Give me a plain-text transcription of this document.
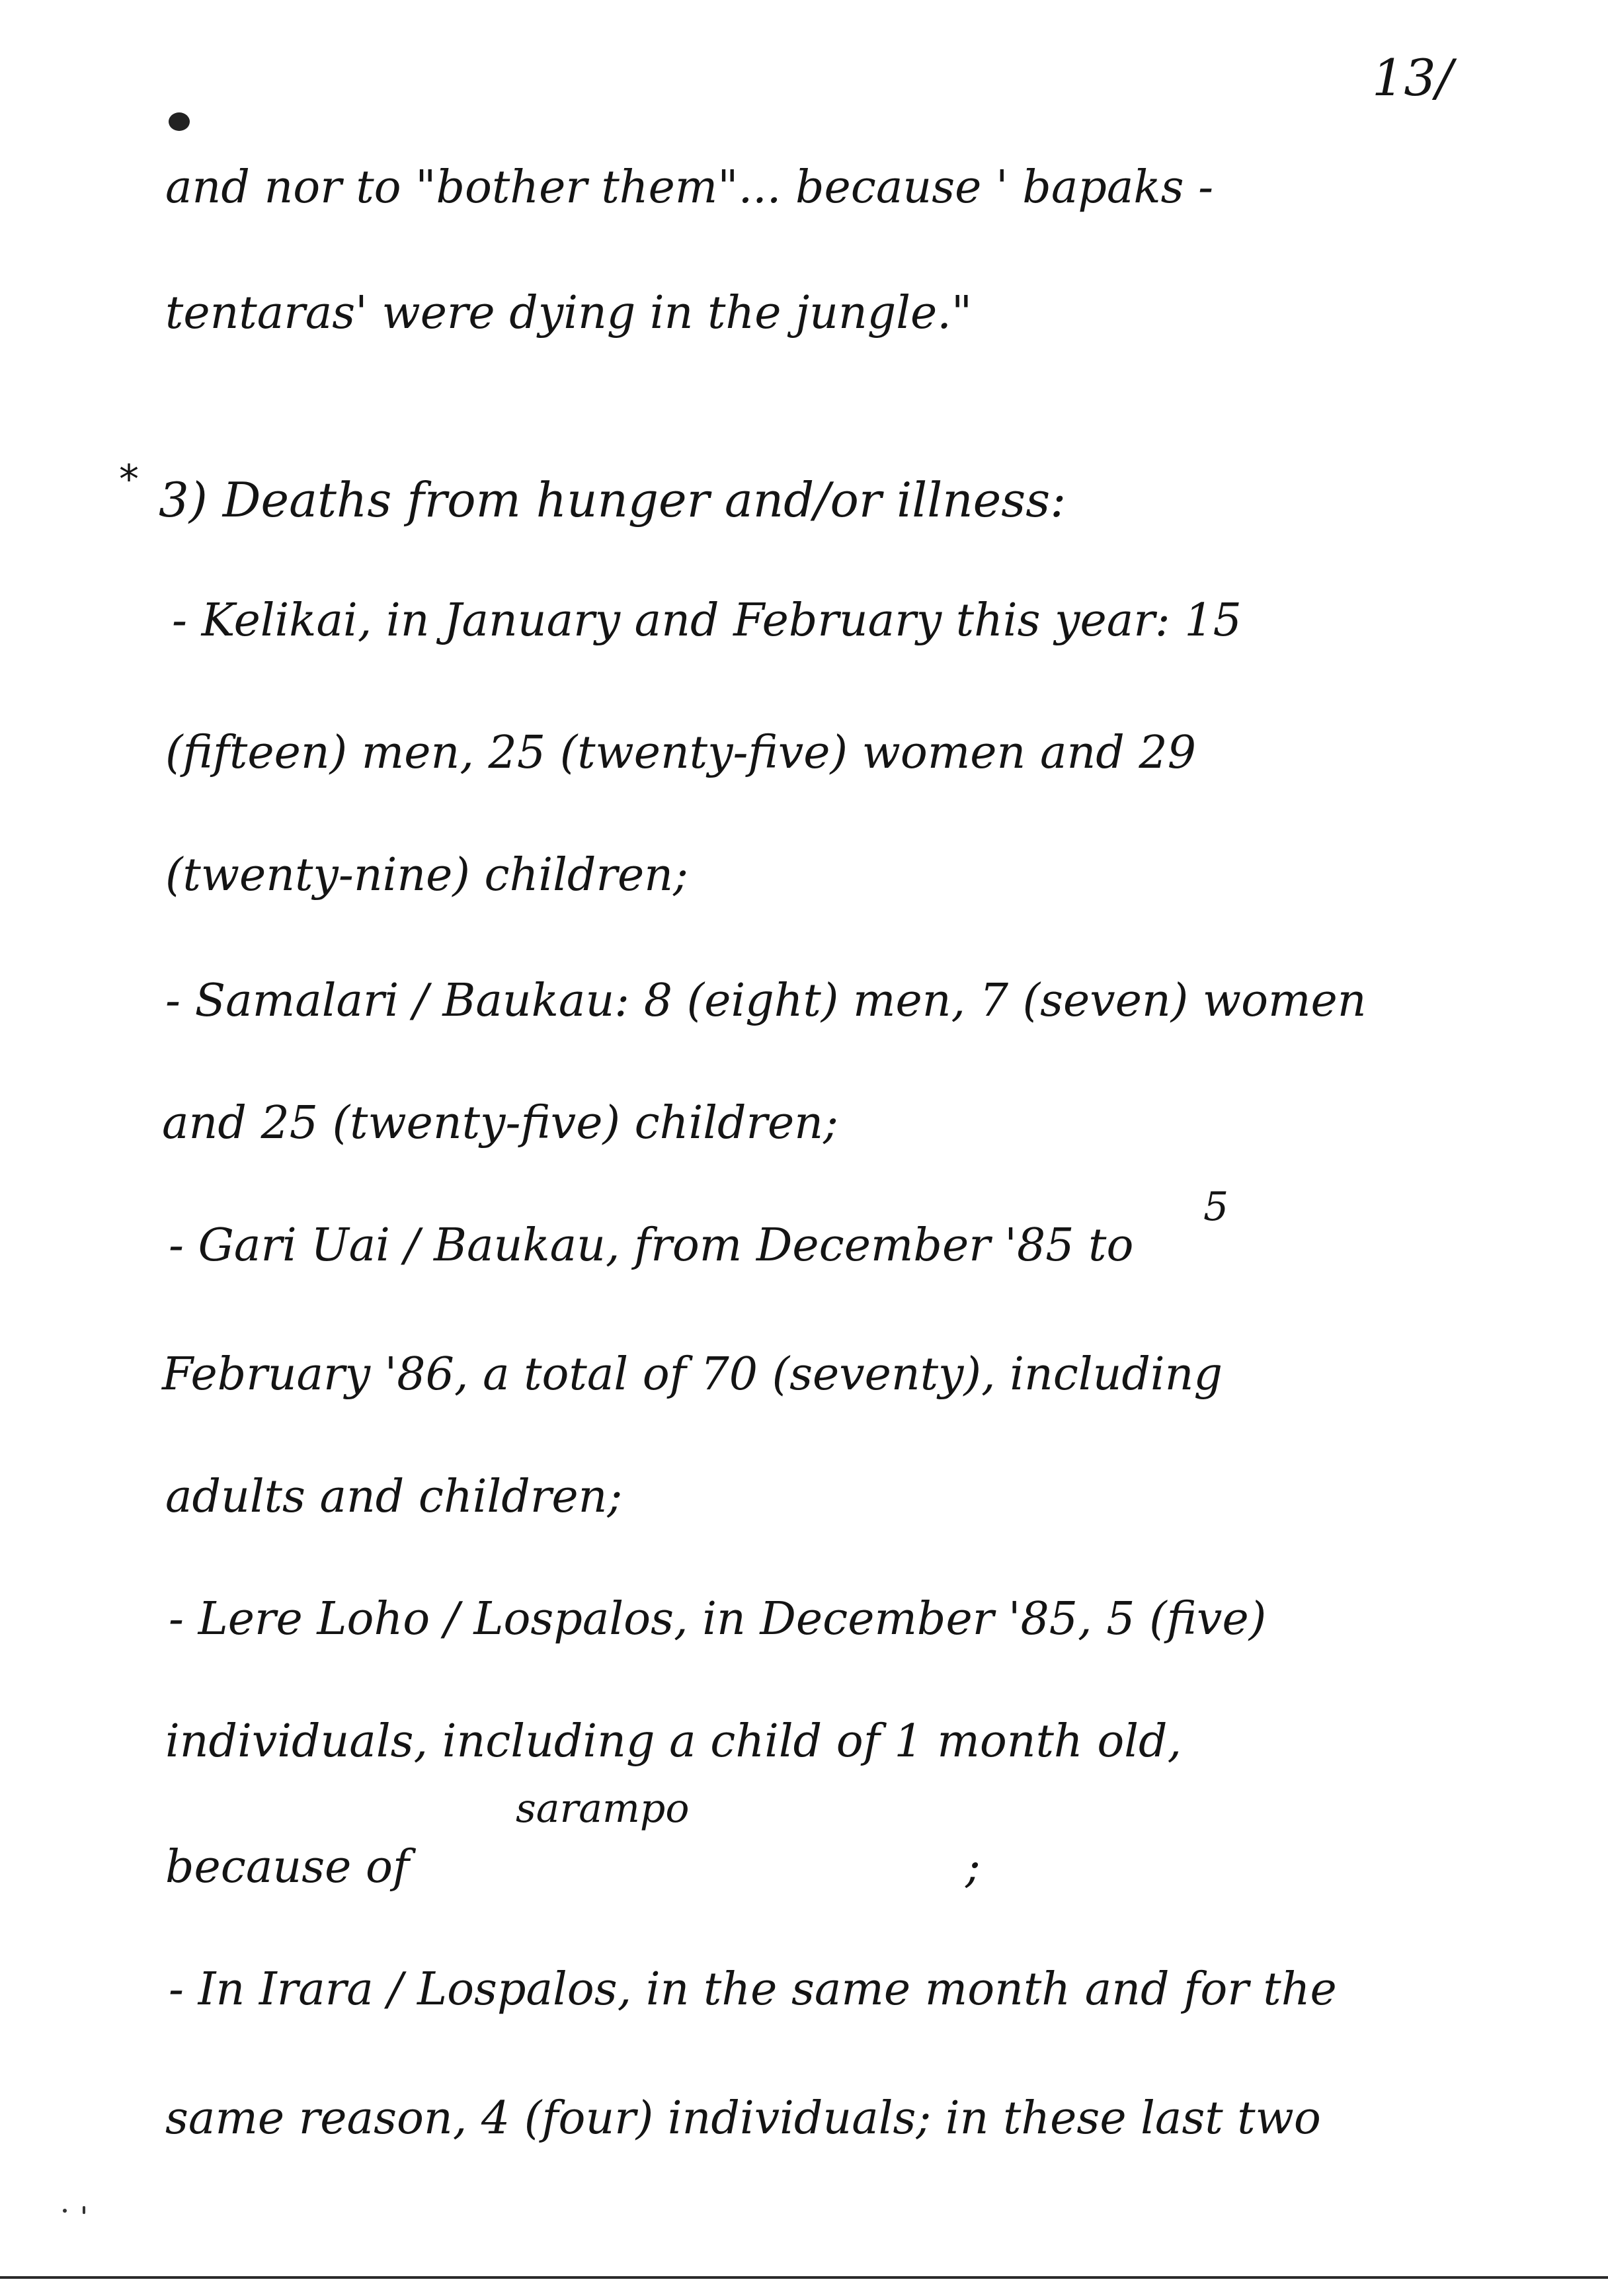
13/
and nor to "bother them"... because ' bapaks -
tentaras' were dying in the jungle."
* 3) Deaths from hunger and/or illness:
- Kelikai, in January and February this year: 15
(fifteen) men, 25 (twenty-five) women and 29
(twenty-nine) children;
- Samalari / Baukau: 8 (eight) men, 7 (seven) women
and 25 (twenty-five) children;
5
- Gari Uai / Baukau, from December '85 to
February '86, a total of 70 (seventy), including
adults and children;
- Lere Loho / Lospalos, in December '85, 5 (five)
individuals, including a child of 1 month old,
sarampo
because of	;
- In Irara / Lospalos, in the same month and for the
same reason, 4 (four) individuals; in these last two
